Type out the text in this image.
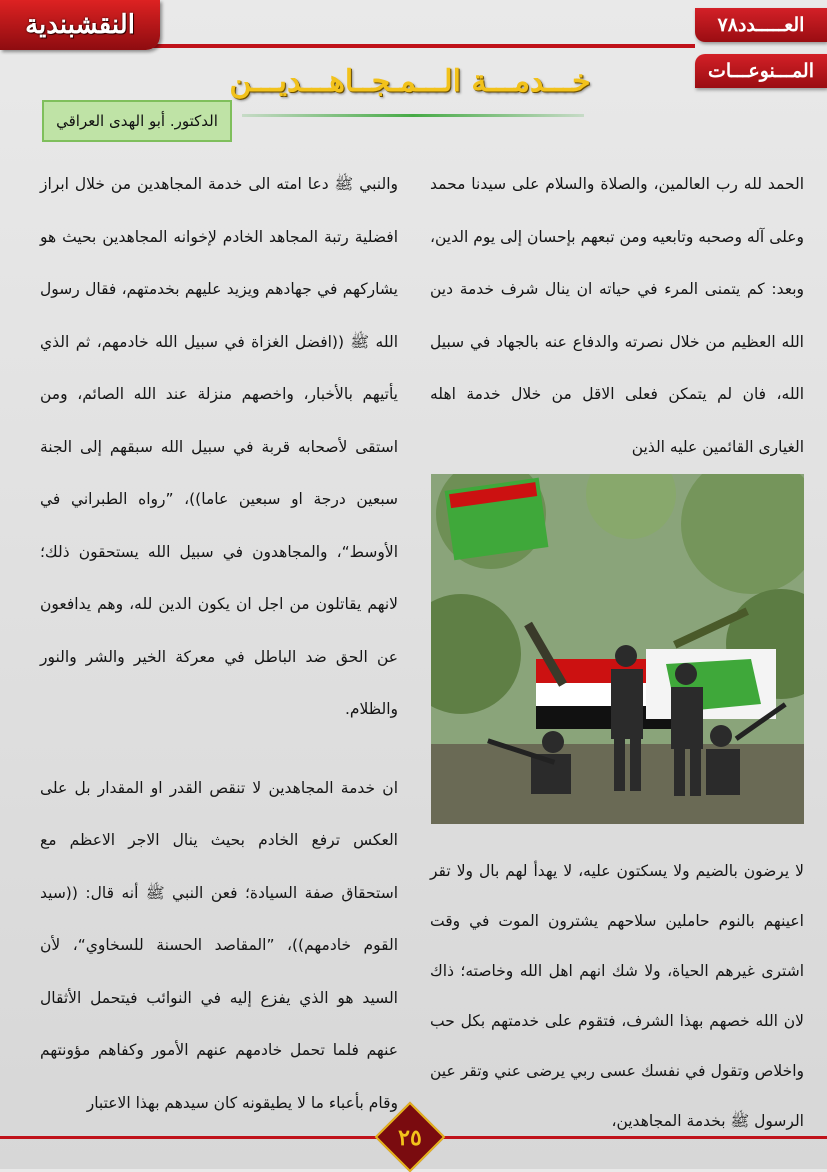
النقشبندية	العـــــدد٧٨
المـــنوعـــات
خـــدمـــة الـــمـجــاهـــديـــن
الدكتور. أبو الهدى العراقي

الحمد لله رب العالمين، والصلاة والسلام على سيدنا محمد وعلى آله وصحبه وتابعيه ومن تبعهم بإحسان إلى يوم الدين، وبعد: كم يتمنى المرء في حياته ان ينال شرف خدمة دين الله العظيم من خلال نصرته والدفاع عنه بالجهاد في سبيل الله، فان لم يتمكن فعلى الاقل من خلال خدمة اهله الغيارى القائمين عليه الذين

لا يرضون بالضيم ولا يسكتون عليه، لا يهدأ لهم بال ولا تقر اعينهم بالنوم حاملين سلاحهم يشترون الموت في وقت اشترى غيرهم الحياة، ولا شك انهم اهل الله وخاصته؛ ذاك لان الله خصهم بهذا الشرف، فتقوم على خدمتهم بكل حب واخلاص وتقول في نفسك عسى ربي يرضى عني وتقر عين الرسول ﷺ بخدمة المجاهدين،

والنبي ﷺ دعا امته الى خدمة المجاهدين من خلال ابراز افضلية رتبة المجاهد الخادم لإخوانه المجاهدين بحيث هو يشاركهم في جهادهم ويزيد عليهم بخدمتهم، فقال رسول الله ﷺ ((افضل الغزاة في سبيل الله خادمهم، ثم الذي يأتيهم بالأخبار، واخصهم منزلة عند الله الصائم، ومن استقى لأصحابه قربة في سبيل الله سبقهم إلى الجنة سبعين درجة او سبعين عاما))، ”رواه الطبراني في الأوسط“، والمجاهدون في سبيل الله يستحقون ذلك؛ لانهم يقاتلون من اجل ان يكون الدين لله، وهم يدافعون عن الحق ضد الباطل في معركة الخير والشر والنور والظلام.

ان خدمة المجاهدين لا تنقص القدر او المقدار بل على العكس ترفع الخادم بحيث ينال الاجر الاعظم مع استحقاق صفة السيادة؛ فعن النبي ﷺ أنه قال: ((سيد القوم خادمهم))، ”المقاصد الحسنة للسخاوي“، لأن السيد هو الذي يفزع إليه في النوائب فيتحمل الأثقال عنهم فلما تحمل خادمهم عنهم الأمور وكفاهم مؤونتهم وقام بأعباء ما لا يطيقونه كان سيدهم بهذا الاعتبار

٢٥
